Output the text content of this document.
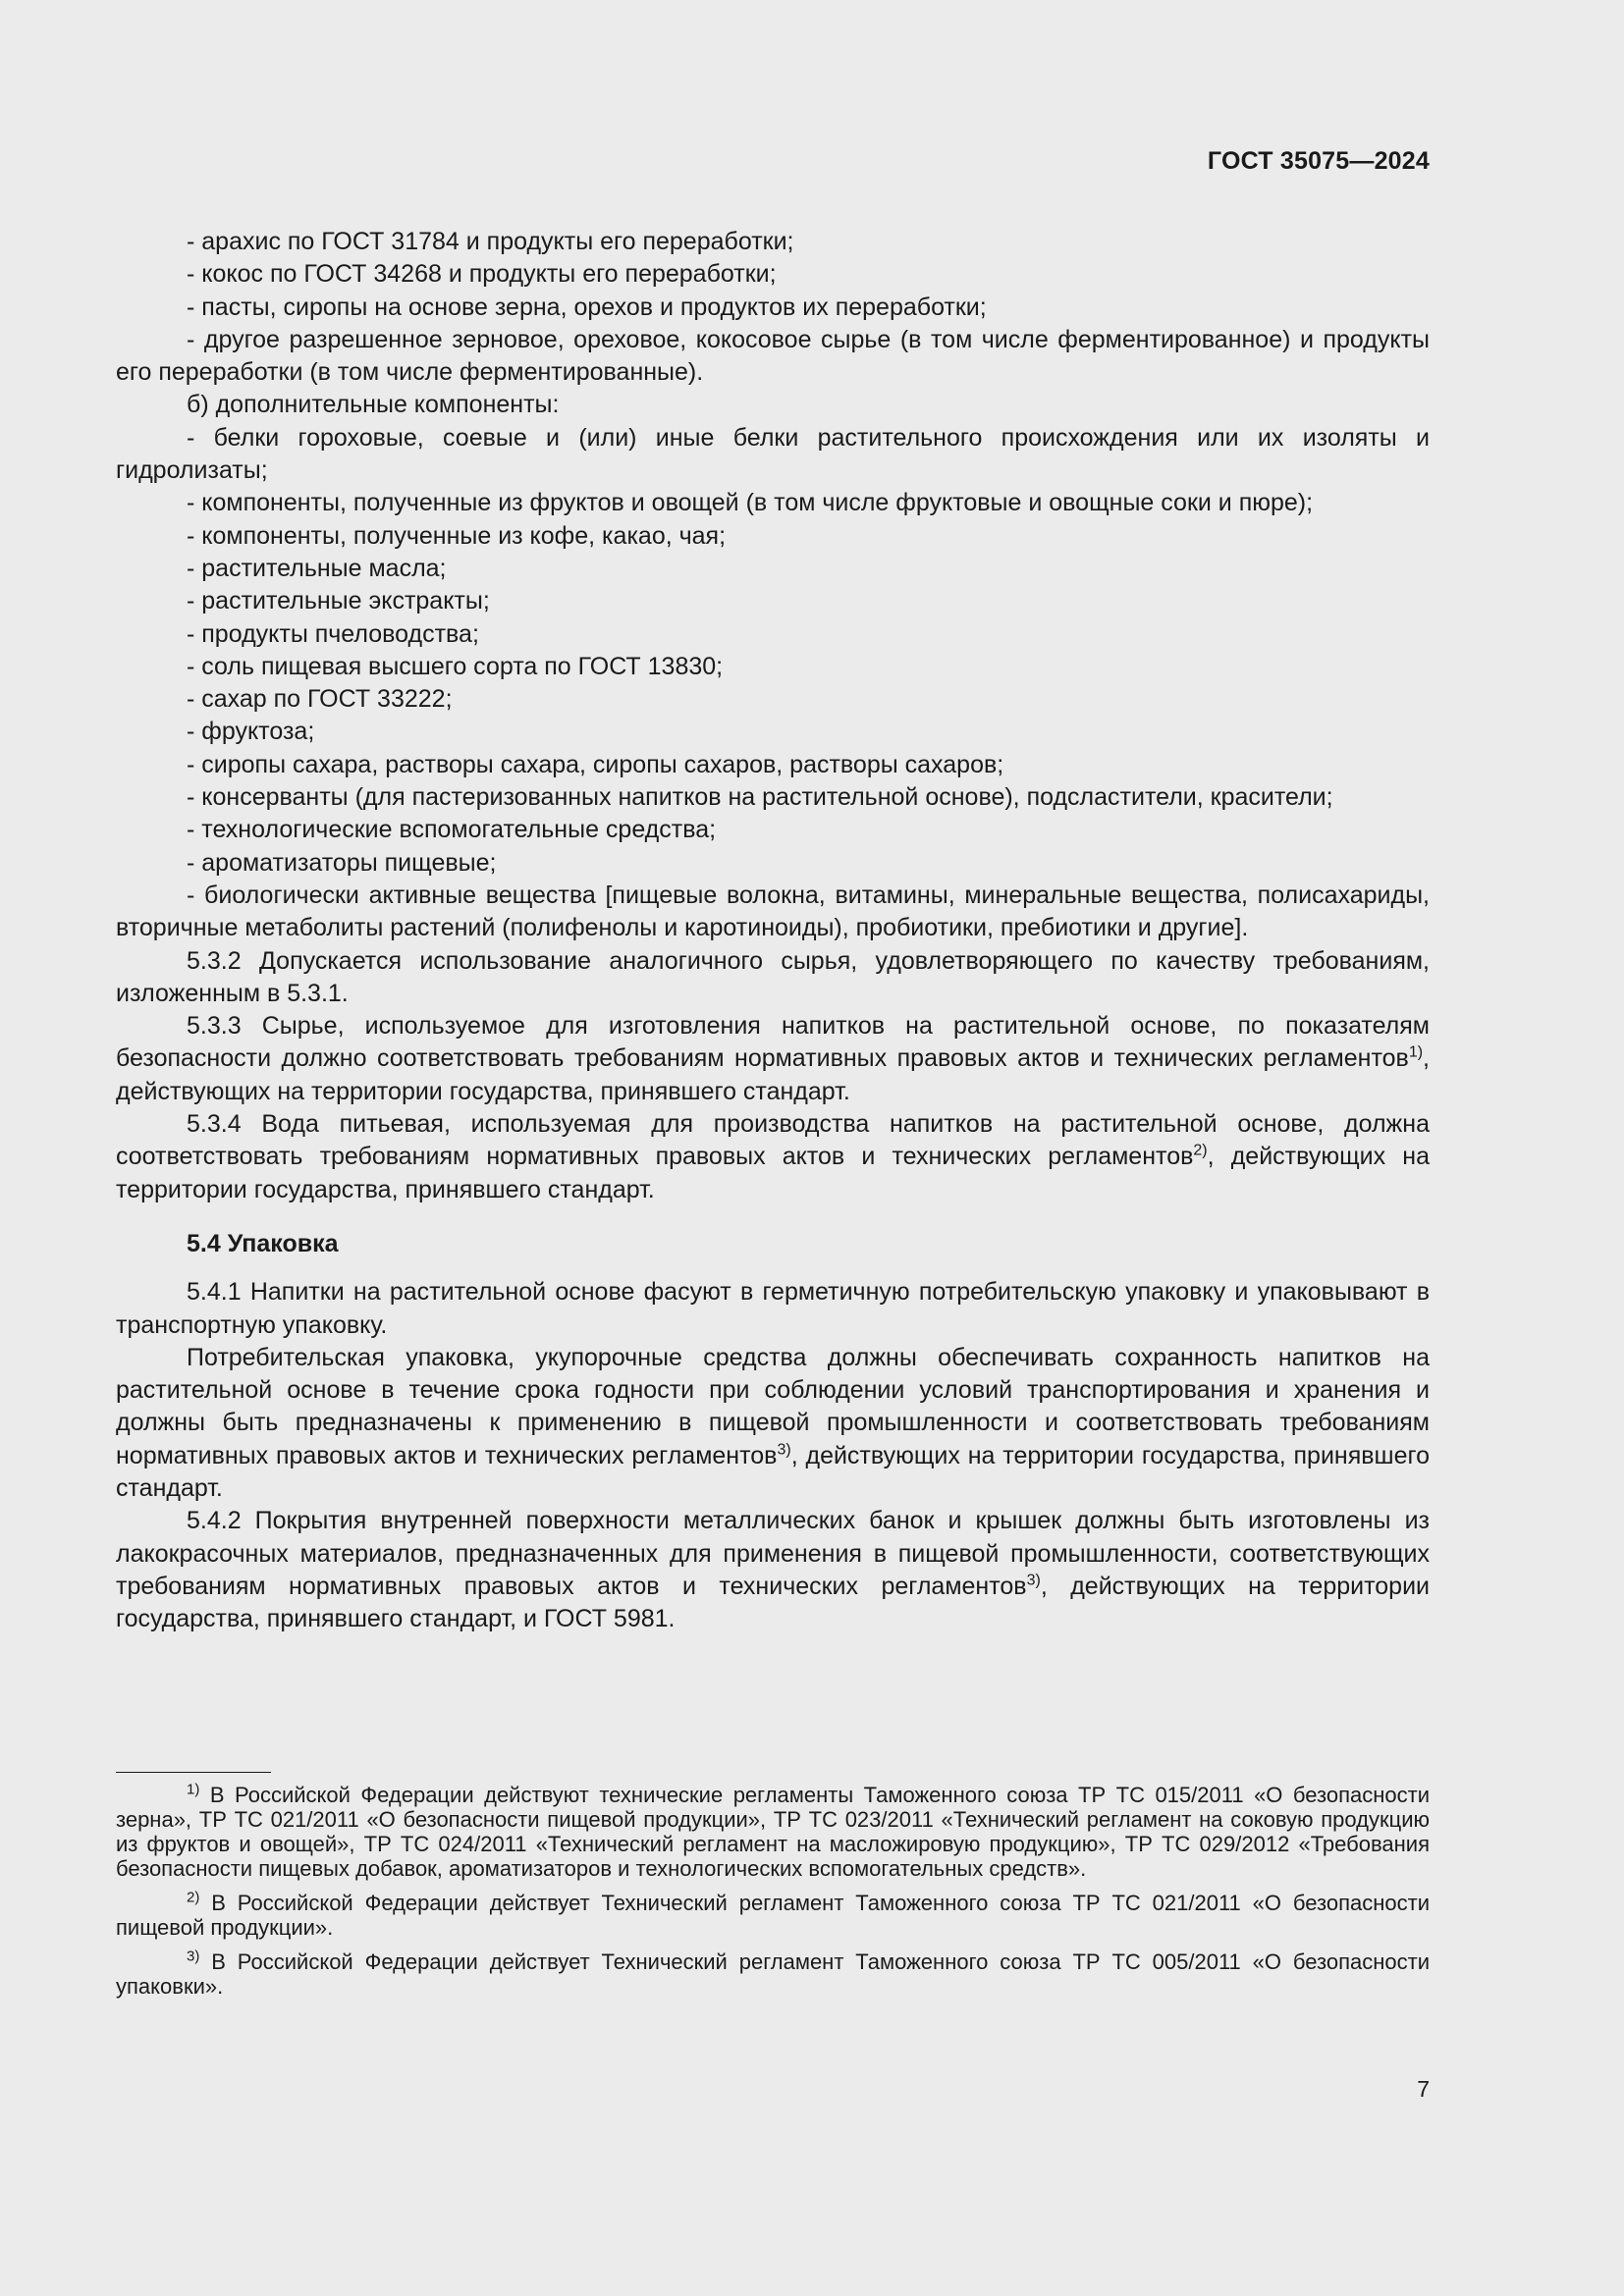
ГОСТ 35075—2024

- арахис по ГОСТ 31784 и продукты его переработки;

- кокос по ГОСТ 34268 и продукты его переработки;

- пасты, сиропы на основе зерна, орехов и продуктов их переработки;

- другое разрешенное зерновое, ореховое, кокосовое сырье (в том числе ферментированное) и продукты его переработки (в том числе ферментированные).

б) дополнительные компоненты:

- белки гороховые, соевые и (или) иные белки растительного происхождения или их изоляты и гидролизаты;

- компоненты, полученные из фруктов и овощей (в том числе фруктовые и овощные соки и пюре);

- компоненты, полученные из кофе, какао, чая;

- растительные масла;

- растительные экстракты;

- продукты пчеловодства;

- соль пищевая высшего сорта по ГОСТ 13830;

- сахар по ГОСТ 33222;

- фруктоза;

- сиропы сахара, растворы сахара, сиропы сахаров, растворы сахаров;

- консерванты (для пастеризованных напитков на растительной основе), подсластители, красители;

- технологические вспомогательные средства;

- ароматизаторы пищевые;

- биологически активные вещества [пищевые волокна, витамины, минеральные вещества, полисахариды, вторичные метаболиты растений (полифенолы и каротиноиды), пробиотики, пребиотики и другие].

5.3.2 Допускается использование аналогичного сырья, удовлетворяющего по качеству требованиям, изложенным в 5.3.1.

5.3.3 Сырье, используемое для изготовления напитков на растительной основе, по показателям безопасности должно соответствовать требованиям нормативных правовых актов и технических регламентов$^{1)}$, действующих на территории государства, принявшего стандарт.

5.3.4 Вода питьевая, используемая для производства напитков на растительной основе, должна соответствовать требованиям нормативных правовых актов и технических регламентов$^{2)}$, действующих на территории государства, принявшего стандарт.

5.4 Упаковка

5.4.1 Напитки на растительной основе фасуют в герметичную потребительскую упаковку и упаковывают в транспортную упаковку.

Потребительская упаковка, укупорочные средства должны обеспечивать сохранность напитков на растительной основе в течение срока годности при соблюдении условий транспортирования и хранения и должны быть предназначены к применению в пищевой промышленности и соответствовать требованиям нормативных правовых актов и технических регламентов$^{3)}$, действующих на территории государства, принявшего стандарт.

5.4.2 Покрытия внутренней поверхности металлических банок и крышек должны быть изготовлены из лакокрасочных материалов, предназначенных для применения в пищевой промышленности, соответствующих требованиям нормативных правовых актов и технических регламентов$^{3)}$, действующих на территории государства, принявшего стандарт, и ГОСТ 5981.

$^{1)}$ В Российской Федерации действуют технические регламенты Таможенного союза ТР ТС 015/2011 «О безопасности зерна», ТР ТС 021/2011 «О безопасности пищевой продукции», ТР ТС 023/2011 «Технический регламент на соковую продукцию из фруктов и овощей», ТР ТС 024/2011 «Технический регламент на масложировую продукцию», ТР ТС 029/2012 «Требования безопасности пищевых добавок, ароматизаторов и технологических вспомогательных средств».

$^{2)}$ В Российской Федерации действует Технический регламент Таможенного союза ТР ТС 021/2011 «О безопасности пищевой продукции».

$^{3)}$ В Российской Федерации действует Технический регламент Таможенного союза ТР ТС 005/2011 «О безопасности упаковки».

7
